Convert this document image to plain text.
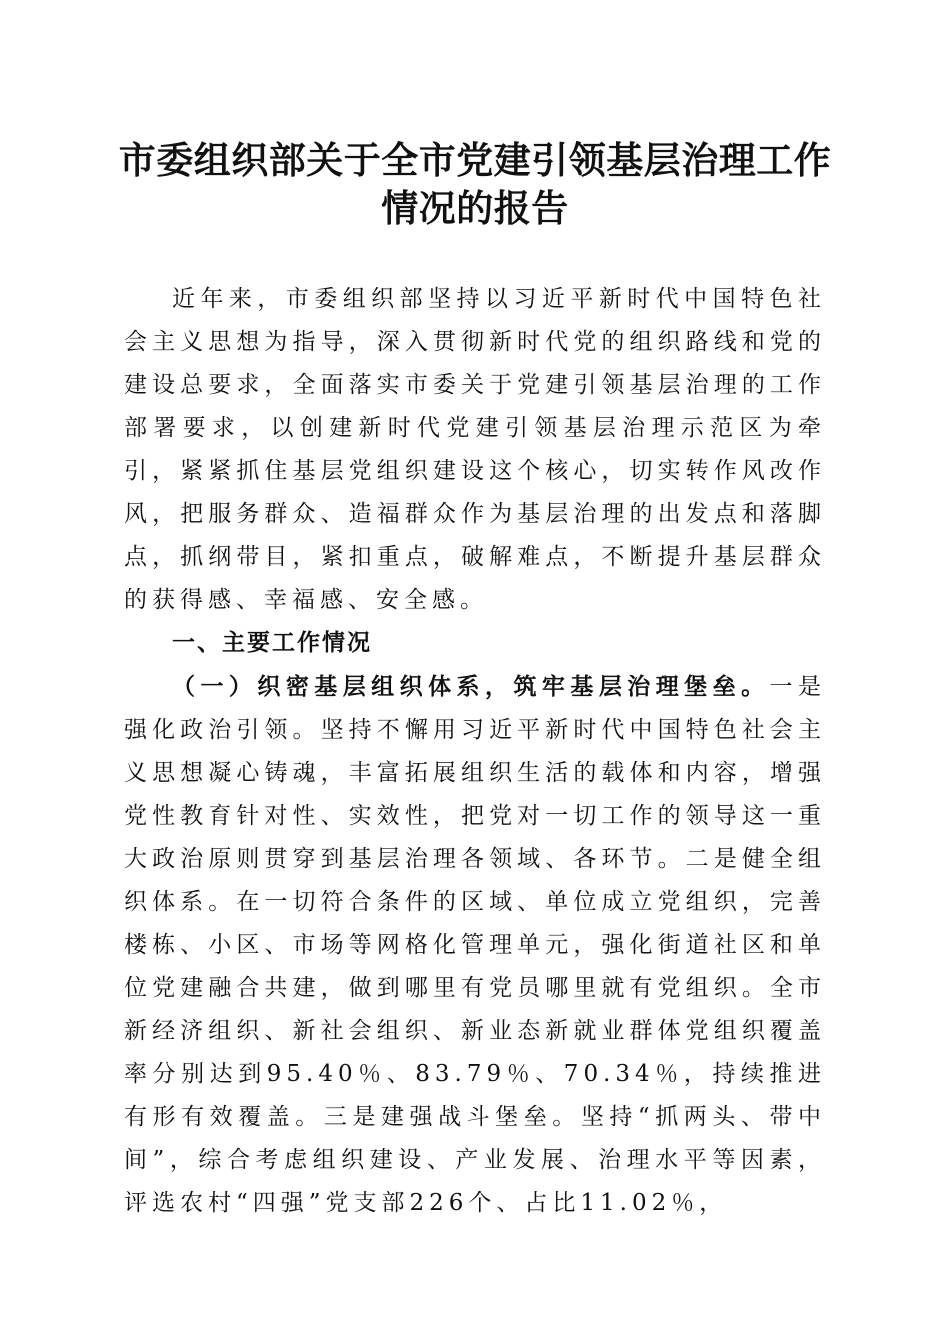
市委组织部关于全市党建引领基层治理工作情况的报告

近年来，市委组织部坚持以习近平新时代中国特色社会主义思想为指导，深入贯彻新时代党的组织路线和党的建设总要求，全面落实市委关于党建引领基层治理的工作部署要求，以创建新时代党建引领基层治理示范区为牵引，紧紧抓住基层党组织建设这个核心，切实转作风改作风，把服务群众、造福群众作为基层治理的出发点和落脚点，抓纲带目，紧扣重点，破解难点，不断提升基层群众的获得感、幸福感、安全感。

一、主要工作情况

（一）织密基层组织体系，筑牢基层治理堡垒。一是强化政治引领。坚持不懈用习近平新时代中国特色社会主义思想凝心铸魂，丰富拓展组织生活的载体和内容，增强党性教育针对性、实效性，把党对一切工作的领导这一重大政治原则贯穿到基层治理各领域、各环节。二是健全组织体系。在一切符合条件的区域、单位成立党组织，完善楼栋、小区、市场等网格化管理单元，强化街道社区和单位党建融合共建，做到哪里有党员哪里就有党组织。全市新经济组织、新社会组织、新业态新就业群体党组织覆盖率分别达到95.40％、83.79％、70.34％，持续推进有形有效覆盖。三是建强战斗堡垒。坚持“抓两头、带中间”，综合考虑组织建设、产业发展、治理水平等因素，评选农村“四强”党支部226个、占比11.02％，
